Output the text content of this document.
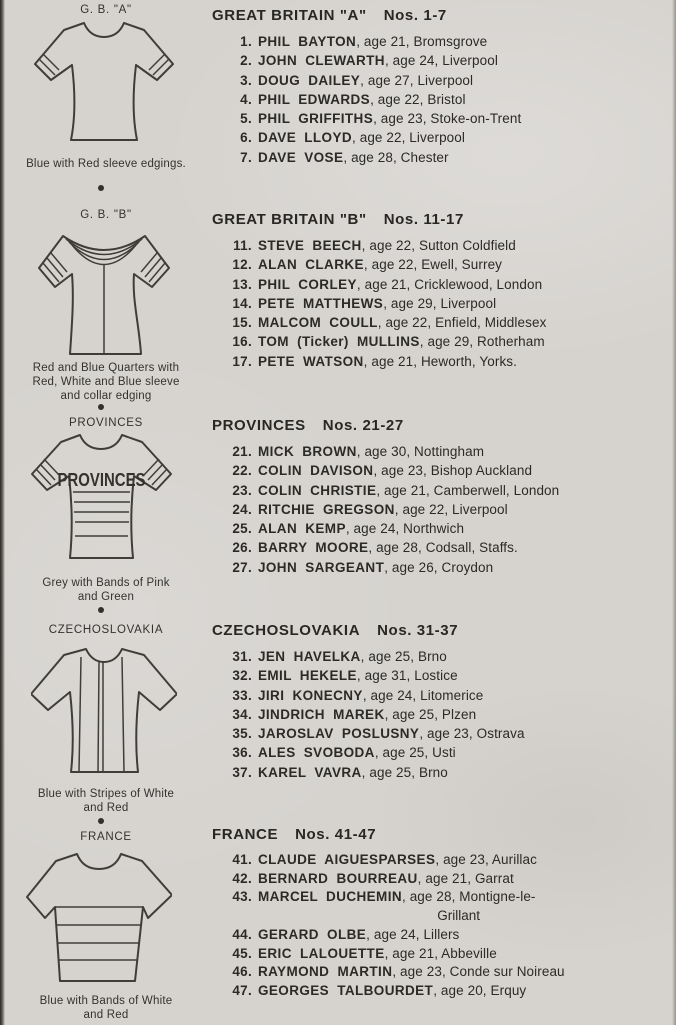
G. B. "A"
Blue with Red sleeve edgings.
G. B. "B"
Red and Blue Quarters with
Red, White and Blue sleeve
and collar edging
PROVINCES
PROVINCES
Grey with Bands of Pink
and Green
CZECHOSLOVAKIA
Blue with Stripes of White
and Red
FRANCE
Blue with Bands of White
and Red
GREAT BRITAIN "A" Nos. 1-7
1. PHIL BAYTON, age 21, Bromsgrove
2. JOHN CLEWARTH, age 24, Liverpool
3. DOUG DAILEY, age 27, Liverpool
4. PHIL EDWARDS, age 22, Bristol
5. PHIL GRIFFITHS, age 23, Stoke-on-Trent
6. DAVE LLOYD, age 22, Liverpool
7. DAVE VOSE, age 28, Chester
GREAT BRITAIN "B" Nos. 11-17
11. STEVE BEECH, age 22, Sutton Coldfield
12. ALAN CLARKE, age 22, Ewell, Surrey
13. PHIL CORLEY, age 21, Cricklewood, London
14. PETE MATTHEWS, age 29, Liverpool
15. MALCOM COULL, age 22, Enfield, Middlesex
16. TOM (Ticker) MULLINS, age 29, Rotherham
17. PETE WATSON, age 21, Heworth, Yorks.
PROVINCES Nos. 21-27
21. MICK BROWN, age 30, Nottingham
22. COLIN DAVISON, age 23, Bishop Auckland
23. COLIN CHRISTIE, age 21, Camberwell, London
24. RITCHIE GREGSON, age 22, Liverpool
25. ALAN KEMP, age 24, Northwich
26. BARRY MOORE, age 28, Codsall, Staffs.
27. JOHN SARGEANT, age 26, Croydon
CZECHOSLOVAKIA Nos. 31-37
31. JEN HAVELKA, age 25, Brno
32. EMIL HEKELE, age 31, Lostice
33. JIRI KONECNY, age 24, Litomerice
34. JINDRICH MAREK, age 25, Plzen
35. JAROSLAV POSLUSNY, age 23, Ostrava
36. ALES SVOBODA, age 25, Usti
37. KAREL VAVRA, age 25, Brno
FRANCE Nos. 41-47
41. CLAUDE AIGUESPARSES, age 23, Aurillac
42. BERNARD BOURREAU, age 21, Garrat
43. MARCEL DUCHEMIN, age 28, Montigne-le-
Grillant
44. GERARD OLBE, age 24, Lillers
45. ERIC LALOUETTE, age 21, Abbeville
46. RAYMOND MARTIN, age 23, Conde sur Noireau
47. GEORGES TALBOURDET, age 20, Erquy
